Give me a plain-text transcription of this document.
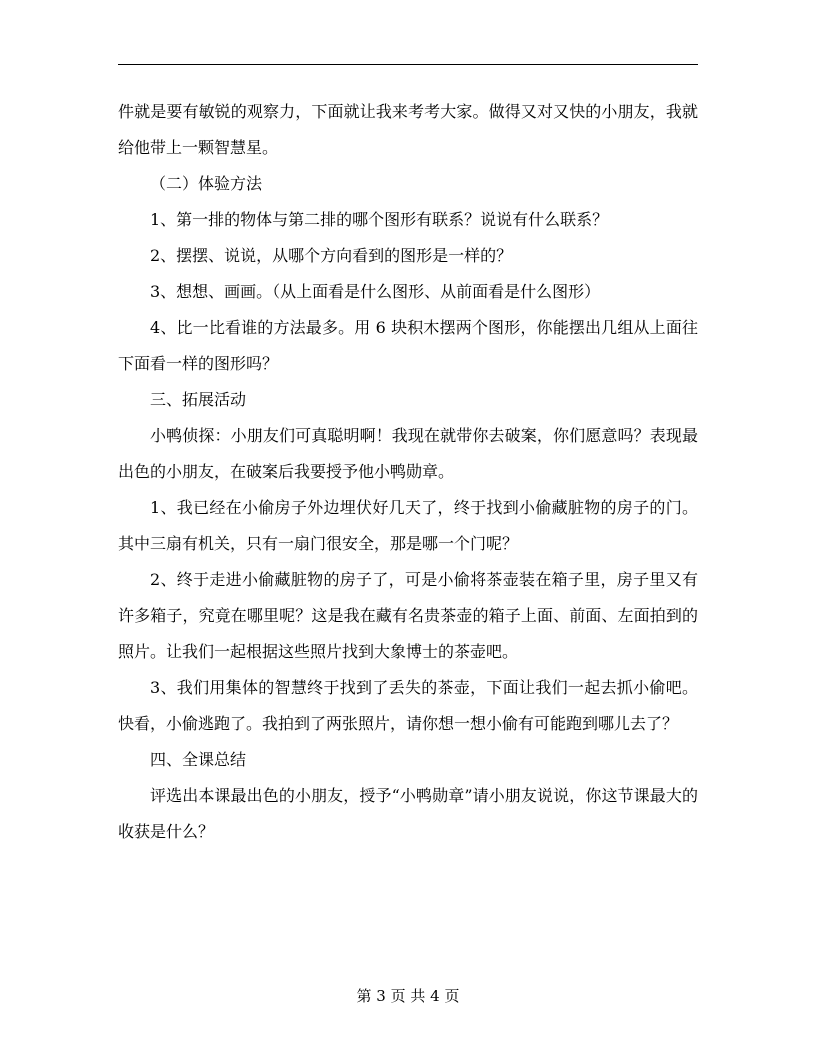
件就是要有敏锐的观察力，下面就让我来考考大家。做得又对又快的小朋友，我就给他带上一颗智慧星。

（二）体验方法

1、第一排的物体与第二排的哪个图形有联系？说说有什么联系？

2、摆摆、说说，从哪个方向看到的图形是一样的？

3、想想、画画。（从上面看是什么图形、从前面看是什么图形）

4、比一比看谁的方法最多。用 6 块积木摆两个图形，你能摆出几组从上面往下面看一样的图形吗？

三、拓展活动

小鸭侦探：小朋友们可真聪明啊！我现在就带你去破案，你们愿意吗？表现最出色的小朋友，在破案后我要授予他小鸭勋章。

1、我已经在小偷房子外边埋伏好几天了，终于找到小偷藏脏物的房子的门。其中三扇有机关，只有一扇门很安全，那是哪一个门呢？

2、终于走进小偷藏脏物的房子了，可是小偷将茶壶装在箱子里，房子里又有许多箱子，究竟在哪里呢？这是我在藏有名贵茶壶的箱子上面、前面、左面拍到的照片。让我们一起根据这些照片找到大象博士的茶壶吧。

3、我们用集体的智慧终于找到了丢失的茶壶，下面让我们一起去抓小偷吧。快看，小偷逃跑了。我拍到了两张照片，请你想一想小偷有可能跑到哪儿去了？

四、全课总结

评选出本课最出色的小朋友，授予“小鸭勋章”请小朋友说说，你这节课最大的收获是什么？

第 3 页 共 4 页
